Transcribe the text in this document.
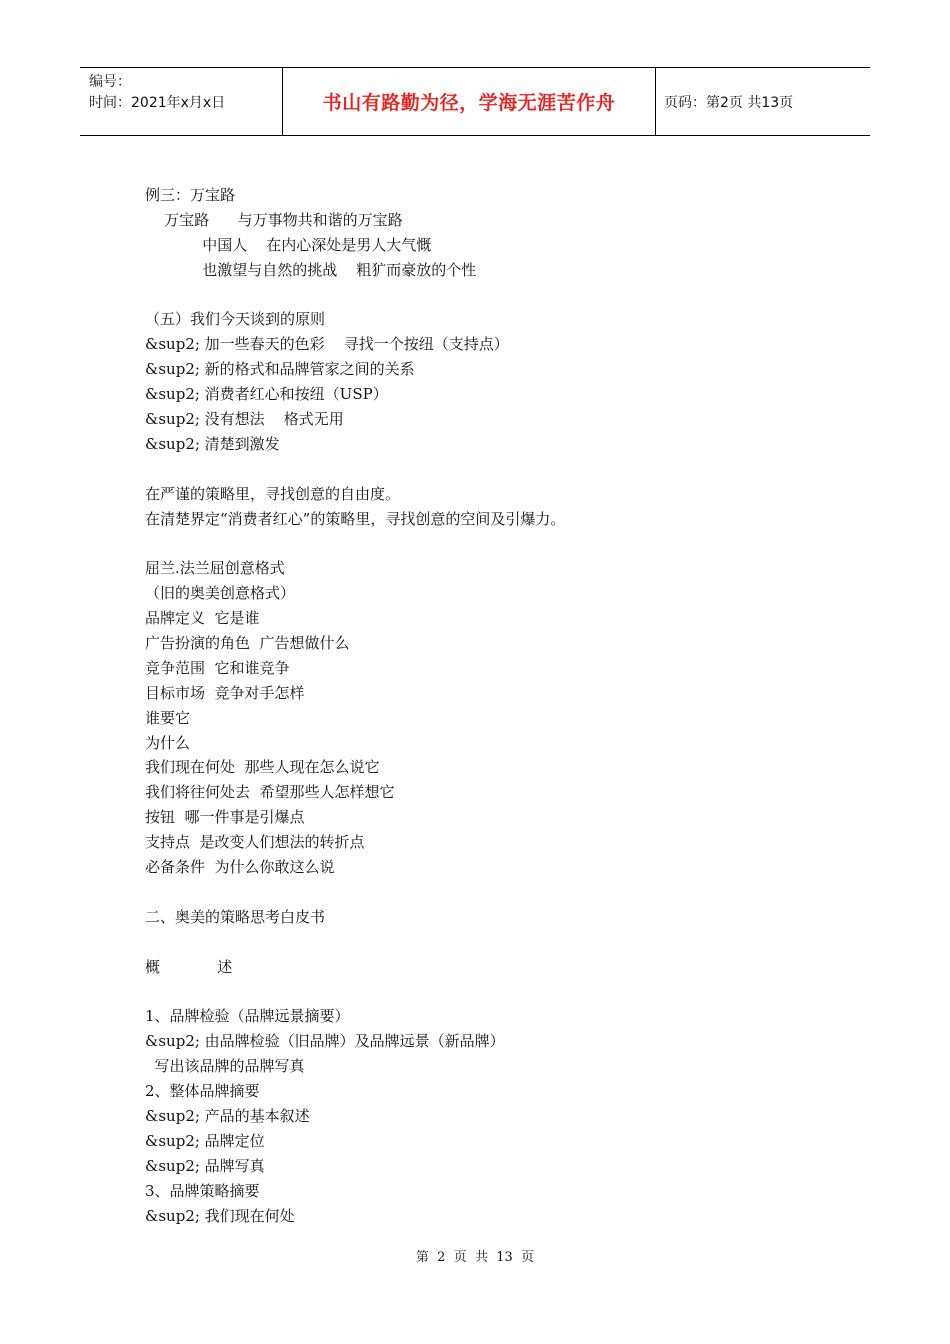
编号：
时间：2021年x月x日	书山有路勤为径，学海无涯苦作舟	页码：第2页 共13页
例三：万宝路
万宝路      与万事物共和谐的万宝路
中国人    在内心深处是男人大气慨
也激望与自然的挑战    粗犷而豪放的个性
（五）我们今天谈到的原则
&sup2; 加一些春天的色彩    寻找一个按纽（支持点）
&sup2; 新的格式和品牌管家之间的关系
&sup2; 消费者红心和按纽（USP）
&sup2; 没有想法    格式无用
&sup2; 清楚到激发
在严谨的策略里，寻找创意的自由度。
在清楚界定“消费者红心”的策略里，寻找创意的空间及引爆力。
屈兰.法兰屈创意格式
（旧的奥美创意格式）
品牌定义  它是谁
广告扮演的角色  广告想做什么
竞争范围  它和谁竞争
目标市场  竞争对手怎样
谁要它
为什么
我们现在何处  那些人现在怎么说它
我们将往何处去  希望那些人怎样想它
按钮  哪一件事是引爆点
支持点  是改变人们想法的转折点
必备条件  为什么你敢这么说
二、奥美的策略思考白皮书
概            述
1、品牌检验（品牌远景摘要）
&sup2; 由品牌检验（旧品牌）及品牌远景（新品牌）
写出该品牌的品牌写真
2、整体品牌摘要
&sup2; 产品的基本叙述
&sup2; 品牌定位
&sup2; 品牌写真
3、品牌策略摘要
&sup2; 我们现在何处
第  2  页  共  13  页
